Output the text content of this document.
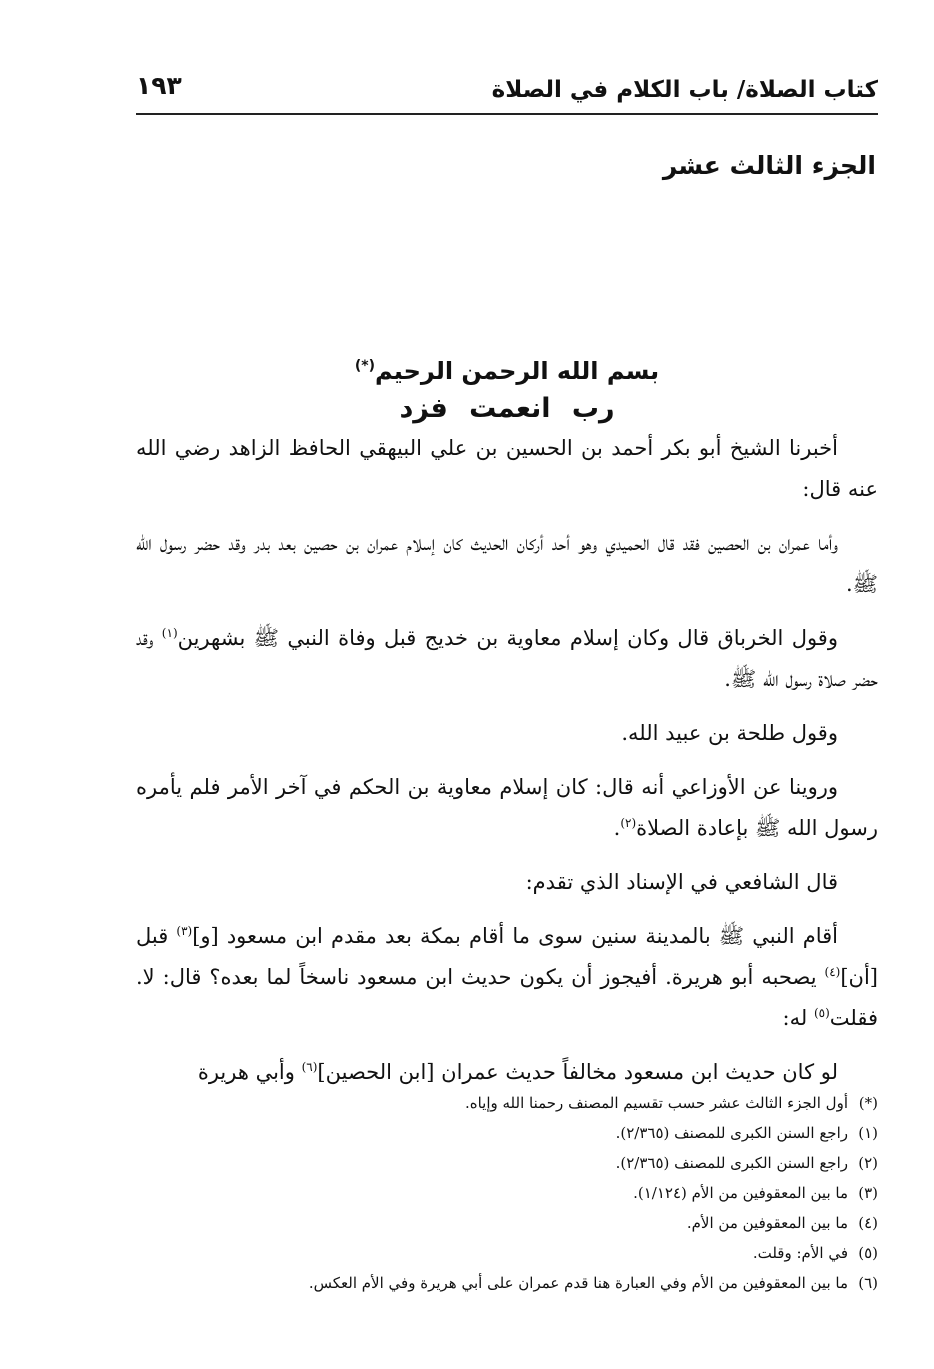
كتاب الصلاة/ باب الكلام في الصلاة
١٩٣
الجزء الثالث عشر
بسم الله الرحمن الرحيم(*)
رب انعمت فزد

أخبرنا الشيخ أبو بكر أحمد بن الحسين بن علي البيهقي الحافظ الزاهد رضي الله عنه قال:

وأما عمران بن الحصين فقد قال الحميدي وهو أحد أركان الحديث كان إسلام عمران بن حصين بعد بدر وقد حضر رسول الله ﷺ.

وقول الخرباق قال وكان إسلام معاوية بن خديج قبل وفاة النبي ﷺ بشهرين$^{(١)}$ وقد حضر صلاة رسول الله ﷺ.

وقول طلحة بن عبيد الله.

وروينا عن الأوزاعي أنه قال: كان إسلام معاوية بن الحكم في آخر الأمر فلم يأمره رسول الله ﷺ بإعادة الصلاة$^{(٢)}$.

قال الشافعي في الإسناد الذي تقدم:

أقام النبي ﷺ بالمدينة سنين سوى ما أقام بمكة بعد مقدم ابن مسعود [و]$^{(٣)}$ قبل [أن]$^{(٤)}$ يصحبه أبو هريرة. أفيجوز أن يكون حديث ابن مسعود ناسخاً لما بعده؟ قال: لا. فقلت$^{(٥)}$ له:

لو كان حديث ابن مسعود مخالفاً حديث عمران [ابن الحصين]$^{(٦)}$ وأبي هريرة

(*)أول الجزء الثالث عشر حسب تقسيم المصنف رحمنا الله وإياه.
(١)راجع السنن الكبرى للمصنف (٢/٣٦٥).
(٢)راجع السنن الكبرى للمصنف (٢/٣٦٥).
(٣)ما بين المعقوفين من الأم (١/١٢٤).
(٤)ما بين المعقوفين من الأم.
(٥)في الأم: وقلت.
(٦)ما بين المعقوفين من الأم وفي العبارة هنا قدم عمران على أبي هريرة وفي الأم العكس.
